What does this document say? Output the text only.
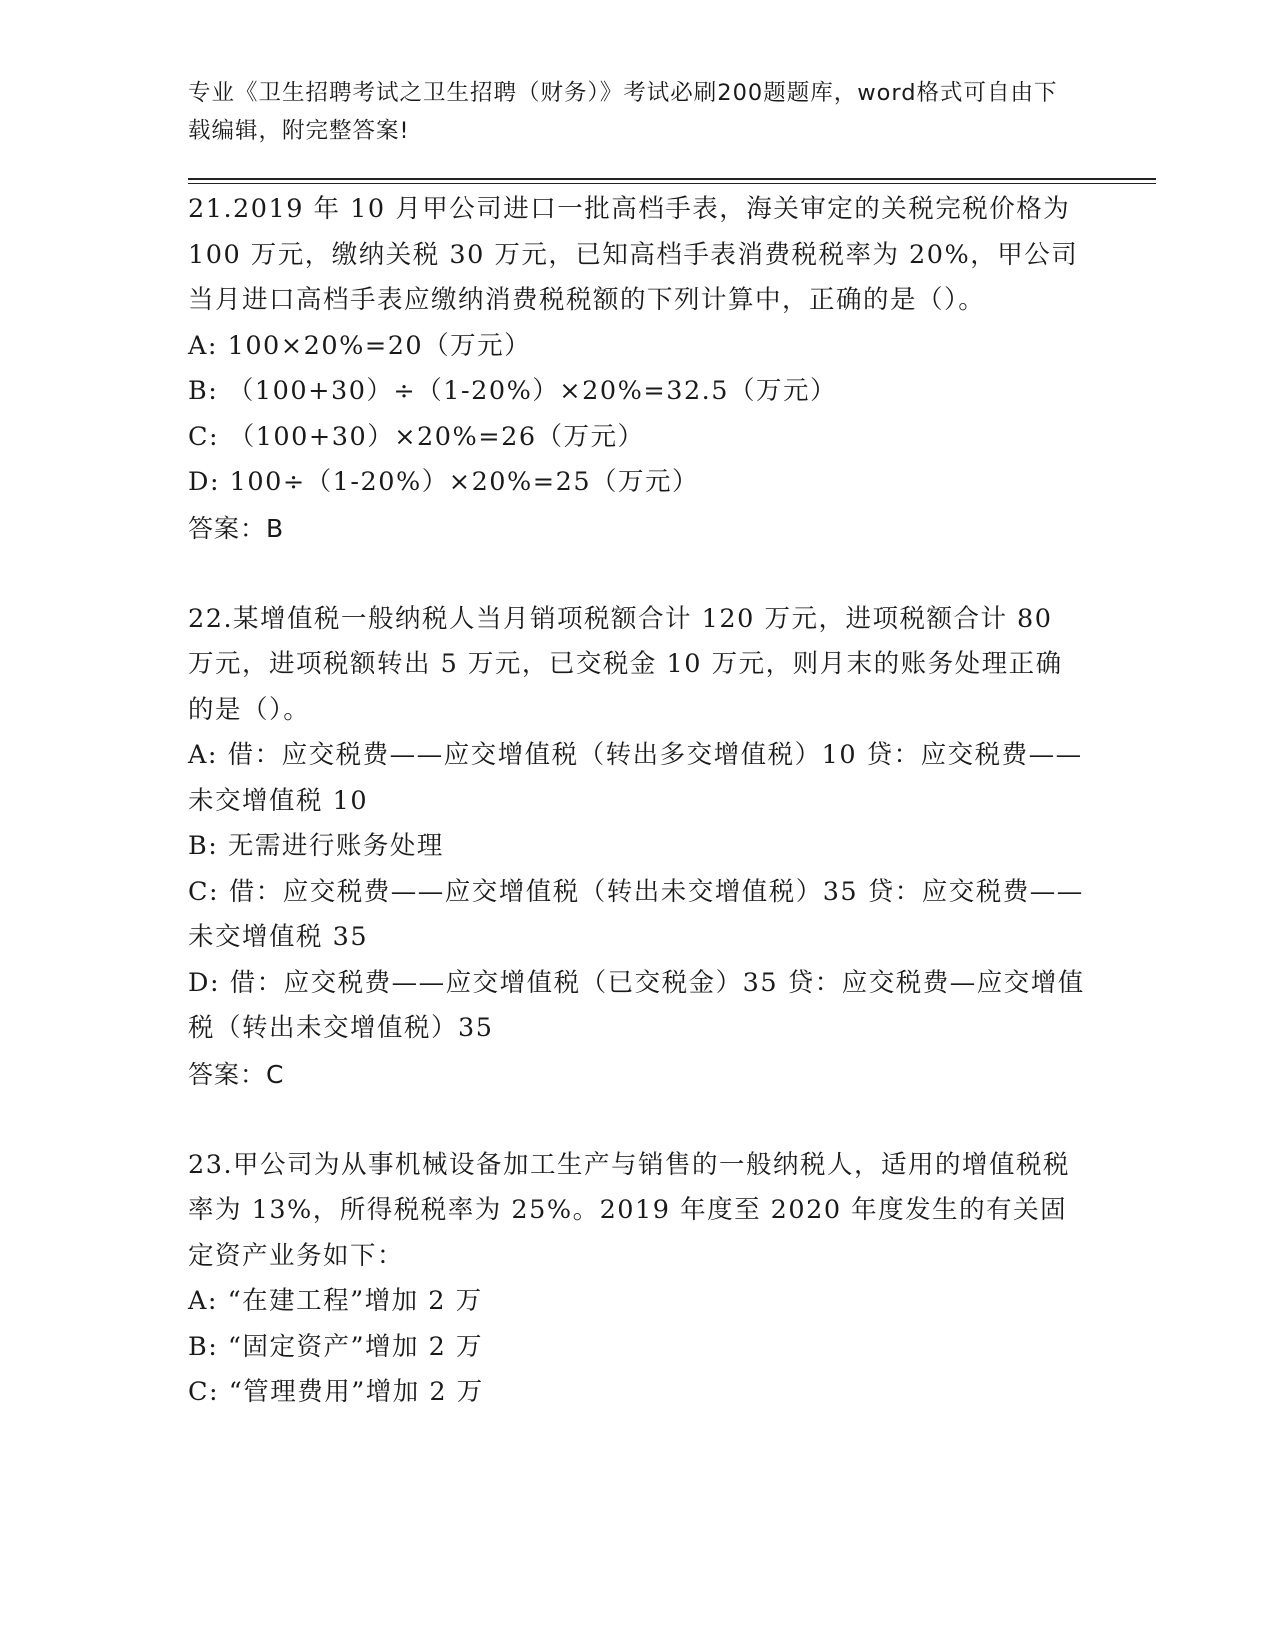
专业《卫生招聘考试之卫生招聘（财务）》考试必刷200题题库，word格式可自由下载编辑，附完整答案!
21.2019 年 10 月甲公司进口一批高档手表，海关审定的关税完税价格为 100 万元，缴纳关税 30 万元，已知高档手表消费税税率为 20%，甲公司当月进口高档手表应缴纳消费税税额的下列计算中，正确的是（）。
A: 100×20%=20（万元）
B: （100+30）÷（1-20%）×20%=32.5（万元）
C: （100+30）×20%=26（万元）
D: 100÷（1-20%）×20%=25（万元）
答案：B
22.某增值税一般纳税人当月销项税额合计 120 万元，进项税额合计 80 万元，进项税额转出 5 万元，已交税金 10 万元，则月末的账务处理正确的是（）。
A: 借：应交税费——应交增值税（转出多交增值税）10 贷：应交税费——未交增值税 10
B: 无需进行账务处理
C: 借：应交税费——应交增值税（转出未交增值税）35 贷：应交税费——未交增值税 35
D: 借：应交税费——应交增值税（已交税金）35 贷：应交税费—应交增值税（转出未交增值税）35
答案：C
23.甲公司为从事机械设备加工生产与销售的一般纳税人，适用的增值税税率为 13%，所得税税率为 25%。2019 年度至 2020 年度发生的有关固定资产业务如下：
A: “在建工程”增加 2 万
B: “固定资产”增加 2 万
C: “管理费用”增加 2 万
